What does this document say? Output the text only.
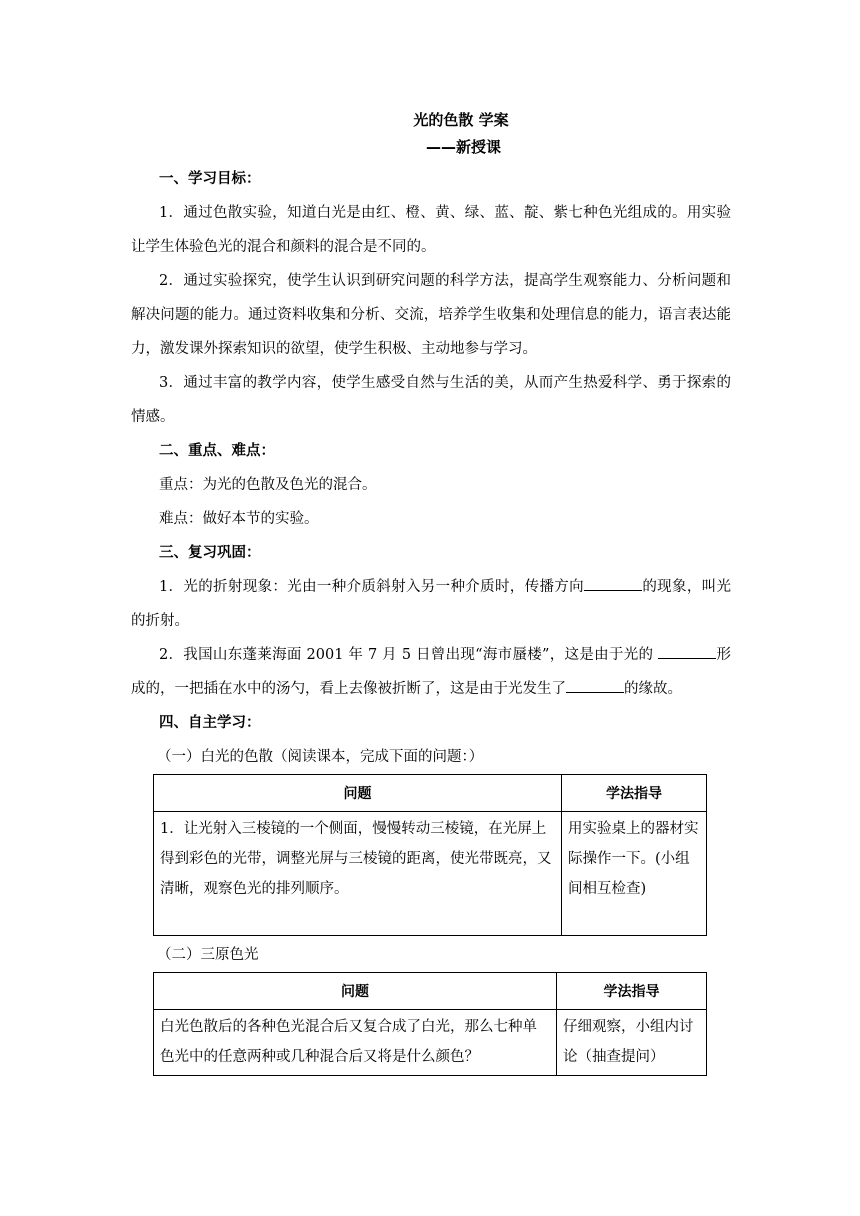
光的色散 学案
——新授课
一、学习目标：

1．通过色散实验，知道白光是由红、橙、黄、绿、蓝、靛、紫七种色光组成的。用实验让学生体验色光的混合和颜料的混合是不同的。

2．通过实验探究，使学生认识到研究问题的科学方法，提高学生观察能力、分析问题和解决问题的能力。通过资料收集和分析、交流，培养学生收集和处理信息的能力，语言表达能力，激发课外探索知识的欲望，使学生积极、主动地参与学习。

3．通过丰富的教学内容，使学生感受自然与生活的美，从而产生热爱科学、勇于探索的情感。

二、重点、难点：

重点：为光的色散及色光的混合。

难点：做好本节的实验。

三、复习巩固：

1．光的折射现象：光由一种介质斜射入另一种介质时，传播方向	的现象，叫光的折射。

2．我国山东蓬莱海面 2001 年 7 月 5 日曾出现“海市蜃楼”，这是由于光的	形成的，一把插在水中的汤勺，看上去像被折断了，这是由于光发生了	的缘故。

四、自主学习：

（一）白光的色散（阅读课本，完成下面的问题：）

问题	学法指导
1．让光射入三棱镜的一个侧面，慢慢转动三棱镜，在光屏上得到彩色的光带，调整光屏与三棱镜的距离，使光带既亮，又清晰，观察色光的排列顺序。	用实验桌上的器材实际操作一下。(小组间相互检查)

（二）三原色光

问题	学法指导
白光色散后的各种色光混合后又复合成了白光，那么七种单色光中的任意两种或几种混合后又将是什么颜色？	仔细观察，小组内讨论（抽查提问）
